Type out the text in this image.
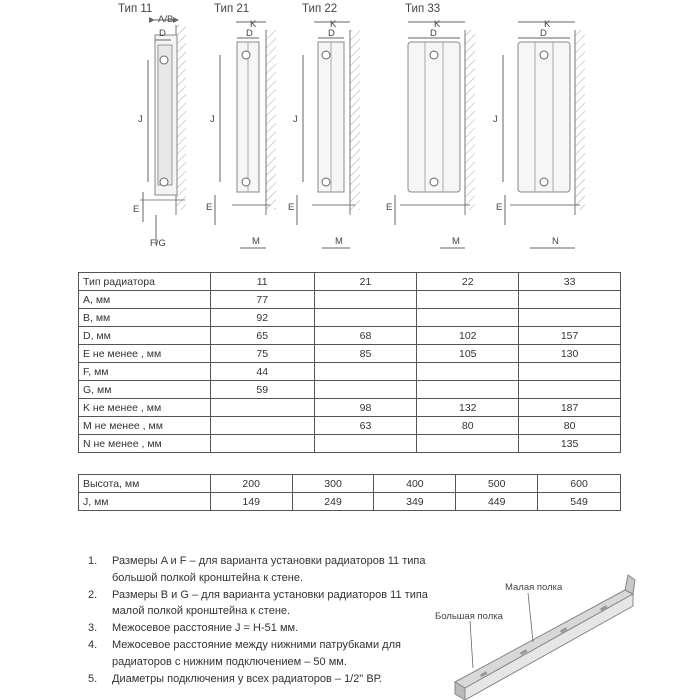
Тип 11	Тип 21	Тип 22	Тип 33
A/B
D
J
E
F/G
K
D
J
E
M
K
D
J
E
M
K
D
E
M
K
D
J
E
N
Тип радиатора	11	21	22	33
A, мм	77			
B, мм	92			
D, мм	65	68	102	157
E не менее , мм	75	85	105	130
F, мм	44			
G, мм	59			
K не менее , мм		98	132	187
M не менее , мм		63	80	80
N не менее , мм				135
Высота, мм	200	300	400	500	600
J, мм	149	249	349	449	549
1.	Размеры A и F – для варианта установки радиаторов 11 типа большой полкой кронштейна к стене.
2.	Размеры B и G – для варианта установки радиаторов 11 типа малой полкой кронштейна к стене.
3.	Межосевое расстояние J = H-51 мм.
4.	Межосевое расстояние между нижними патрубками для радиаторов с нижним подключением – 50 мм.
5.	Диаметры подключения у всех радиаторов – 1/2" ВР.
Малая полка
Большая полка
